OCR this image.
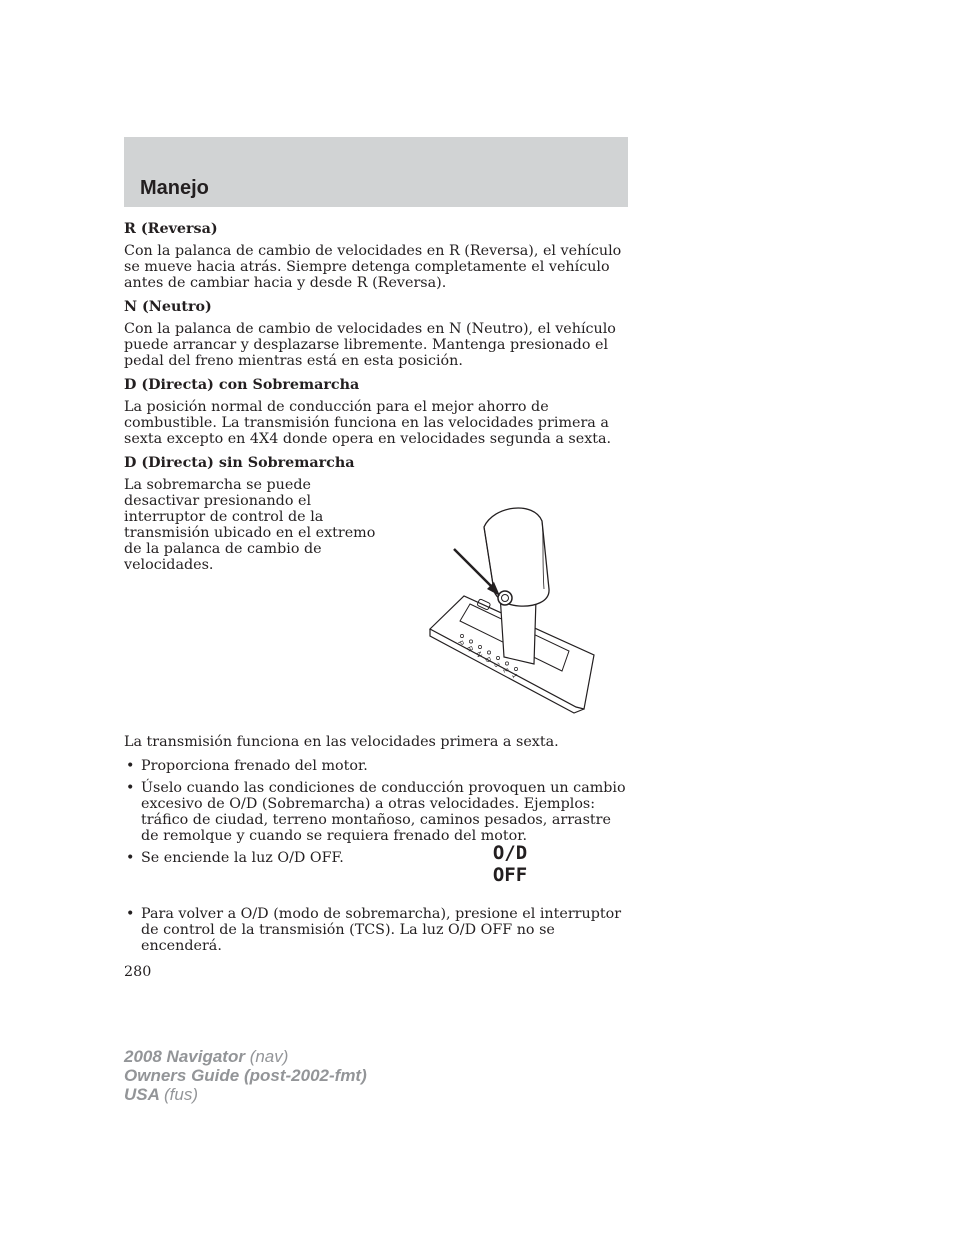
Manejo
R (Reversa)
Con la palanca de cambio de velocidades en R (Reversa), el vehículo se mueve hacia atrás. Siempre detenga completamente el vehículo antes de cambiar hacia y desde R (Reversa).
N (Neutro)
Con la palanca de cambio de velocidades en N (Neutro), el vehículo puede arrancar y desplazarse libremente. Mantenga presionado el pedal del freno mientras está en esta posición.
D (Directa) con Sobremarcha
La posición normal de conducción para el mejor ahorro de combustible. La transmisión funciona en las velocidades primera a sexta excepto en 4X4 donde opera en velocidades segunda a sexta.
D (Directa) sin Sobremarcha
La sobremarcha se puede desactivar presionando el interruptor de control de la transmisión ubicado en el extremo de la palanca de cambio de velocidades.
P
R
N
D
3
2
1
La transmisión funciona en las velocidades primera a sexta.
• Proporciona frenado del motor.
• Úselo cuando las condiciones de conducción provoquen un cambio excesivo de O/D (Sobremarcha) a otras velocidades. Ejemplos: tráfico de ciudad, terreno montañoso, caminos pesados, arrastre de remolque y cuando se requiera frenado del motor.
• Se enciende la luz O/D OFF.	O/D
OFF
• Para volver a O/D (modo de sobremarcha), presione el interruptor de control de la transmisión (TCS). La luz O/D OFF no se encenderá.
280
2008 Navigator (nav)
Owners Guide (post-2002-fmt)
USA (fus)
